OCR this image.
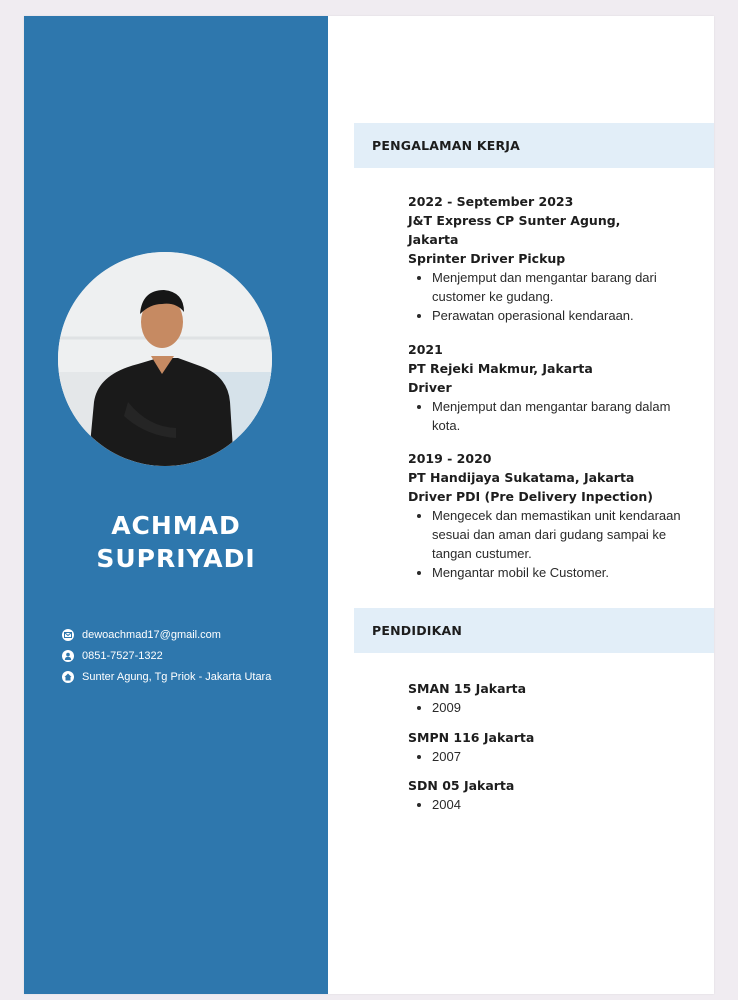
ACHMAD
SUPRIYADI
dewoachmad17@gmail.com
0851-7527-1322
Sunter Agung, Tg Priok - Jakarta Utara
PENGALAMAN KERJA
2022 - September 2023
J&T Express CP Sunter Agung,
Jakarta
Sprinter Driver Pickup
• Menjemput dan mengantar barang dari customer ke gudang.
• Perawatan operasional kendaraan.
2021
PT Rejeki Makmur, Jakarta
Driver
• Menjemput dan mengantar barang dalam kota.
2019 - 2020
PT Handijaya Sukatama, Jakarta
Driver PDI (Pre Delivery Inpection)
• Mengecek dan memastikan unit kendaraan sesuai dan aman dari gudang sampai ke tangan custumer.
• Mengantar mobil ke Customer.
PENDIDIKAN
SMAN 15 Jakarta
• 2009
SMPN 116 Jakarta
• 2007
SDN 05 Jakarta
• 2004
